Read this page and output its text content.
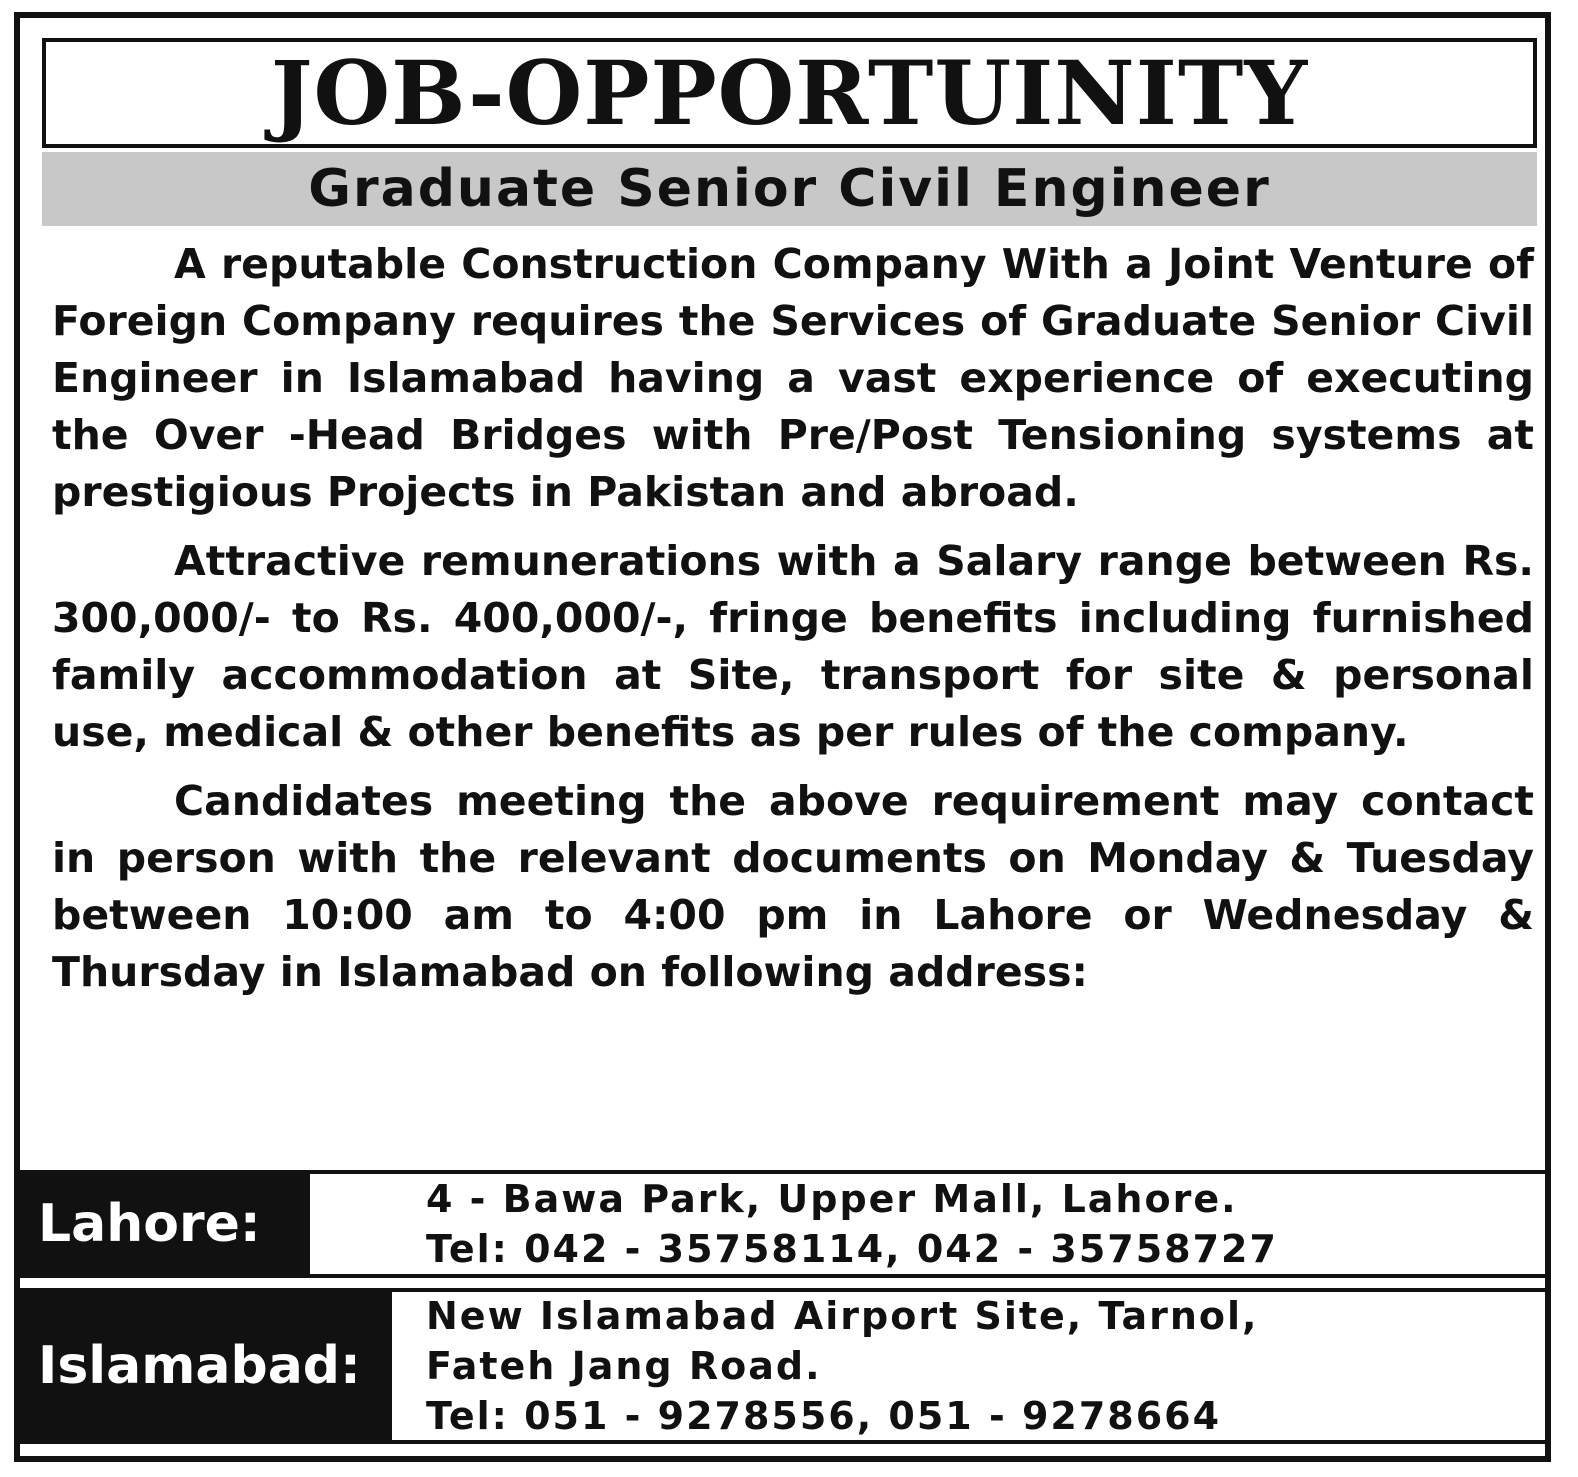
JOB-OPPORTUINITY
Graduate Senior Civil Engineer

A reputable Construction Company With a Joint Venture of Foreign Company requires the Services of Graduate Senior Civil Engineer in Islamabad having a vast experience of executing the Over -Head Bridges with Pre/Post Tensioning systems at prestigious Projects in Pakistan and abroad.

Attractive remunerations with a Salary range between Rs. 300,000/- to Rs. 400,000/-, fringe benefits including furnished family accommodation at Site, transport for site & personal use, medical & other benefits as per rules of the company.

Candidates meeting the above requirement may contact in person with the relevant documents on Monday & Tuesday between 10:00 am to 4:00 pm in Lahore or Wednesday & Thursday in Islamabad on following address:

Lahore:	4 - Bawa Park, Upper Mall, Lahore.
Tel: 042 - 35758114, 042 - 35758727
Islamabad:
New Islamabad Airport Site, Tarnol,
Fateh Jang Road.
Tel: 051 - 9278556, 051 - 9278664
